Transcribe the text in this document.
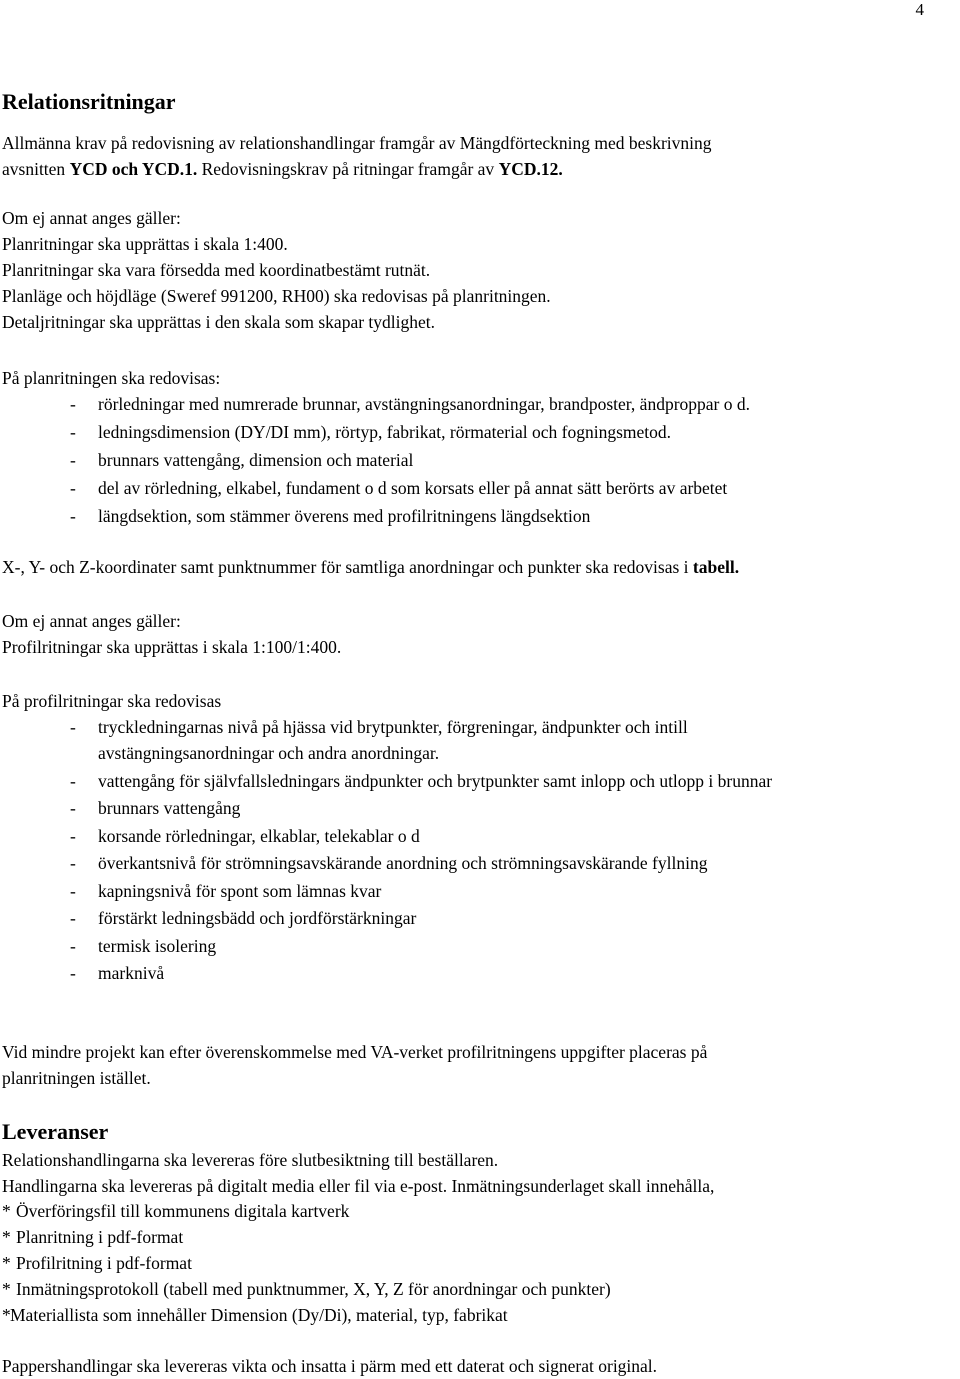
4
Relationsritningar
Allmänna krav på redovisning av relationshandlingar framgår av Mängdförteckning med beskrivning
avsnitten YCD och YCD.1. Redovisningskrav på ritningar framgår av YCD.12.
Om ej annat anges gäller:
Planritningar ska upprättas i skala 1:400.
Planritningar ska vara försedda med koordinatbestämt rutnät.
Planläge och höjdläge (Sweref 991200, RH00) ska redovisas på planritningen.
Detaljritningar ska upprättas i den skala som skapar tydlighet.
På planritningen ska redovisas:
- rörledningar med numrerade brunnar, avstängningsanordningar, brandposter, ändproppar o d.
- ledningsdimension (DY/DI mm), rörtyp, fabrikat, rörmaterial och fogningsmetod.
- brunnars vattengång, dimension och material
- del av rörledning, elkabel, fundament o d som korsats eller på annat sätt berörts av arbetet
- längdsektion, som stämmer överens med profilritningens längdsektion
X-, Y- och Z-koordinater samt punktnummer för samtliga anordningar och punkter ska redovisas i tabell.
Om ej annat anges gäller:
Profilritningar ska upprättas i skala 1:100/1:400.
På profilritningar ska redovisas
- tryckledningarnas nivå på hjässa vid brytpunkter, förgreningar, ändpunkter och intill
avstängningsanordningar och andra anordningar.
- vattengång för självfallsledningars ändpunkter och brytpunkter samt inlopp och utlopp i brunnar
- brunnars vattengång
- korsande rörledningar, elkablar, telekablar o d
- överkantsnivå för strömningsavskärande anordning och strömningsavskärande fyllning
- kapningsnivå för spont som lämnas kvar
- förstärkt ledningsbädd och jordförstärkningar
- termisk isolering
- marknivå
Vid mindre projekt kan efter överenskommelse med VA-verket profilritningens uppgifter placeras på
planritningen istället.
Leveranser
Relationshandlingarna ska levereras före slutbesiktning till beställaren.
Handlingarna ska levereras på digitalt media eller fil via e-post. Inmätningsunderlaget skall innehålla,
* Överföringsfil till kommunens digitala kartverk
* Planritning i pdf-format
* Profilritning i pdf-format
* Inmätningsprotokoll (tabell med punktnummer, X, Y, Z för anordningar och punkter)
* Materiallista som innehåller Dimension (Dy/Di), material, typ, fabrikat
Pappershandlingar ska levereras vikta och insatta i pärm med ett daterat och signerat original.
